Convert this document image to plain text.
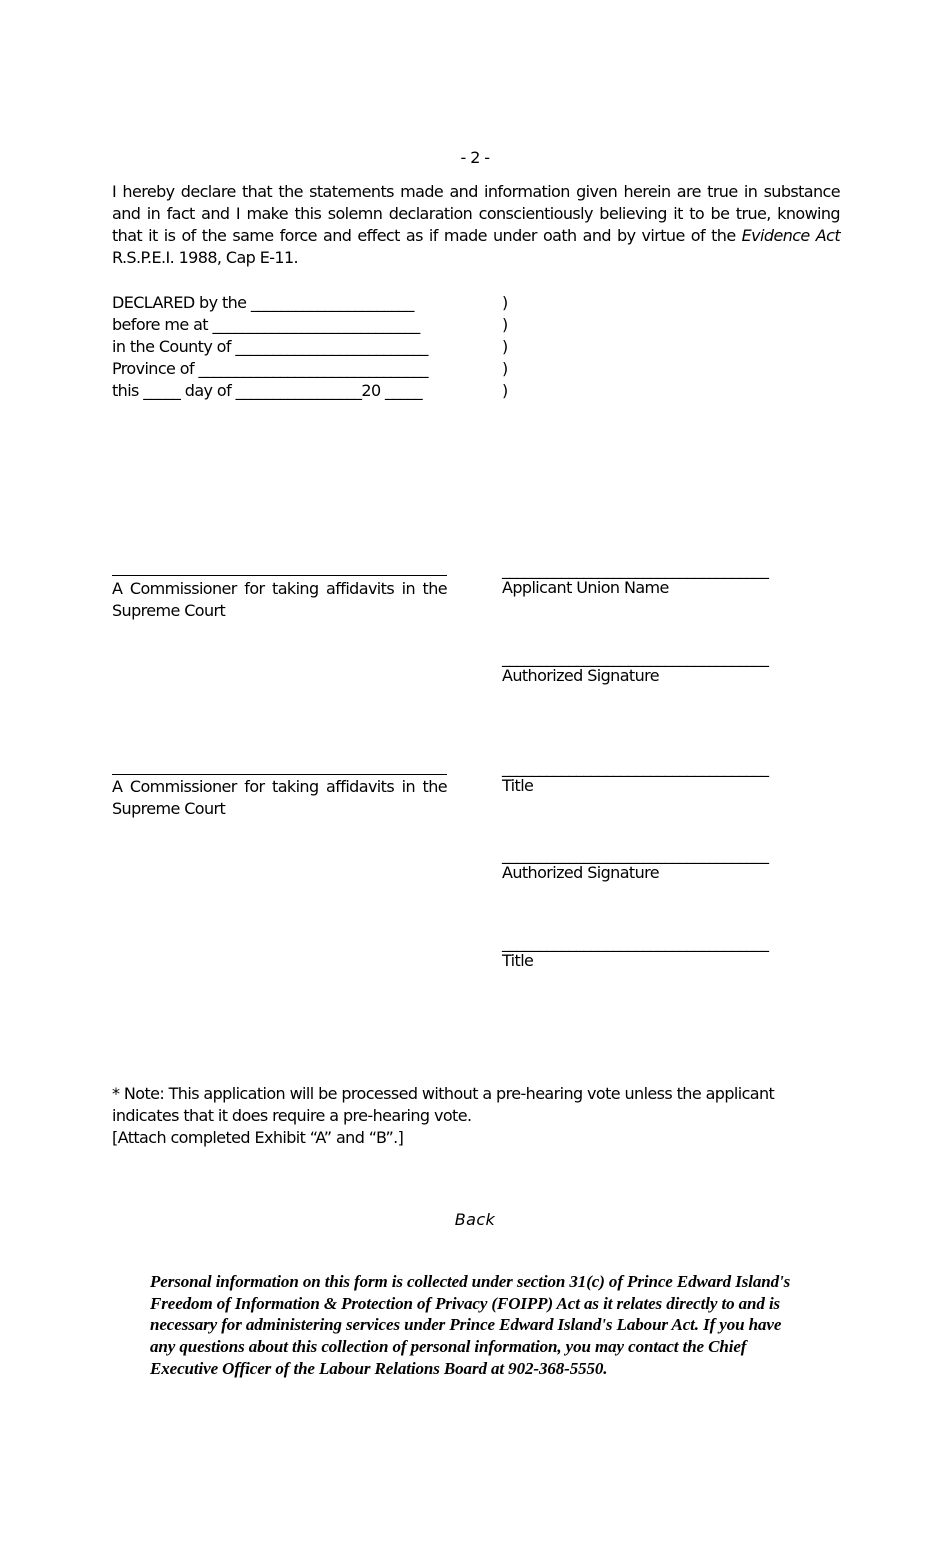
- 2 -
I hereby declare that the statements made and information given herein are true in substance and in fact and I make this solemn declaration conscientiously believing it to be true, knowing that it is of the same force and effect as if made under oath and by virtue of the Evidence Act R.S.P.E.I. 1988, Cap E-11.
DECLARED by the ______________________	)
before me at ____________________________	)
in the County of __________________________	)
Province of _______________________________	)
this _____ day of _________________20 _____	)
A Commissioner for taking affidavits in the
Supreme Court
A Commissioner for taking affidavits in the
Supreme Court
____________________________________
Applicant Union Name
____________________________________
Authorized Signature
____________________________________
Title
____________________________________
Authorized Signature
____________________________________
Title
* Note: This application will be processed without a pre-hearing vote unless the applicant indicates that it does require a pre-hearing vote.
[Attach completed Exhibit “A” and “B”.]
Back
Personal information on this form is collected under section 31(c) of Prince Edward Island's Freedom of Information & Protection of Privacy (FOIPP) Act as it relates directly to and is necessary for administering services under Prince Edward Island's Labour Act. If you have any questions about this collection of personal information, you may contact the Chief Executive Officer of the Labour Relations Board at 902-368-5550.
